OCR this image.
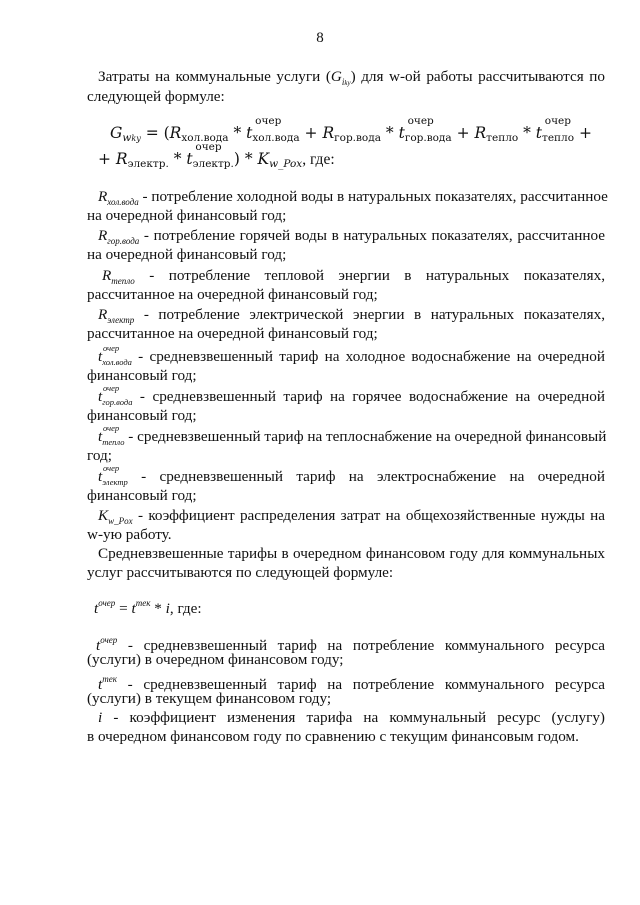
8
Затраты на коммунальные услуги $(G_{iky})$ для w-ой работы рассчитываются по
следующей формуле:
Gwky = (Rхол.вода * t
очер
хол.вода + Rгор.вода * t
очер
гор.вода + Rтепло * t
очер
тепло +
+ Rэлектр. * t
очер
электр.) * Kw_Pox, где:
$R_{хол.вода}$ - потребление холодной воды в натуральных показателях, рассчитанное
на очередной финансовый год;
$R_{гор.вода}$ - потребление горячей воды в натуральных показателях, рассчитанное
на очередной финансовый год;
$R_{тепло}$ - потребление тепловой энергии в натуральных показателях,
рассчитанное на очередной финансовый год;
$R_{электр}$ - потребление электрической энергии в натуральных показателях,
рассчитанное на очередной финансовый год;
t очер
$_{хол.вода}$ - средневзвешенный тариф на холодное водоснабжение на очередной
финансовый год;
t очер
$_{гор.вода}$ - средневзвешенный тариф на горячее водоснабжение на очередной
финансовый год;
t очер
$_{тепло}$ - средневзвешенный тариф на теплоснабжение на очередной финансовый
год;
t очер
$_{электр}$ - средневзвешенный тариф на электроснабжение на очередной
финансовый год;
$K_{w\_Pox}$ - коэффициент распределения затрат на общехозяйственные нужды на
w-ую работу.
Средневзвешенные тарифы в очередном финансовом году для коммунальных
услуг рассчитываются по следующей формуле:
$t^{очер} = t^{тек} * i$, где:
$t^{очер}$ - средневзвешенный тариф на потребление коммунального ресурса
(услуги) в очередном финансовом году;
$t^{тек}$ - средневзвешенный тариф на потребление коммунального ресурса
(услуги) в текущем финансовом году;
i - коэффициент изменения тарифа на коммунальный ресурс (услугу)
в очередном финансовом году по сравнению с текущим финансовым годом.
